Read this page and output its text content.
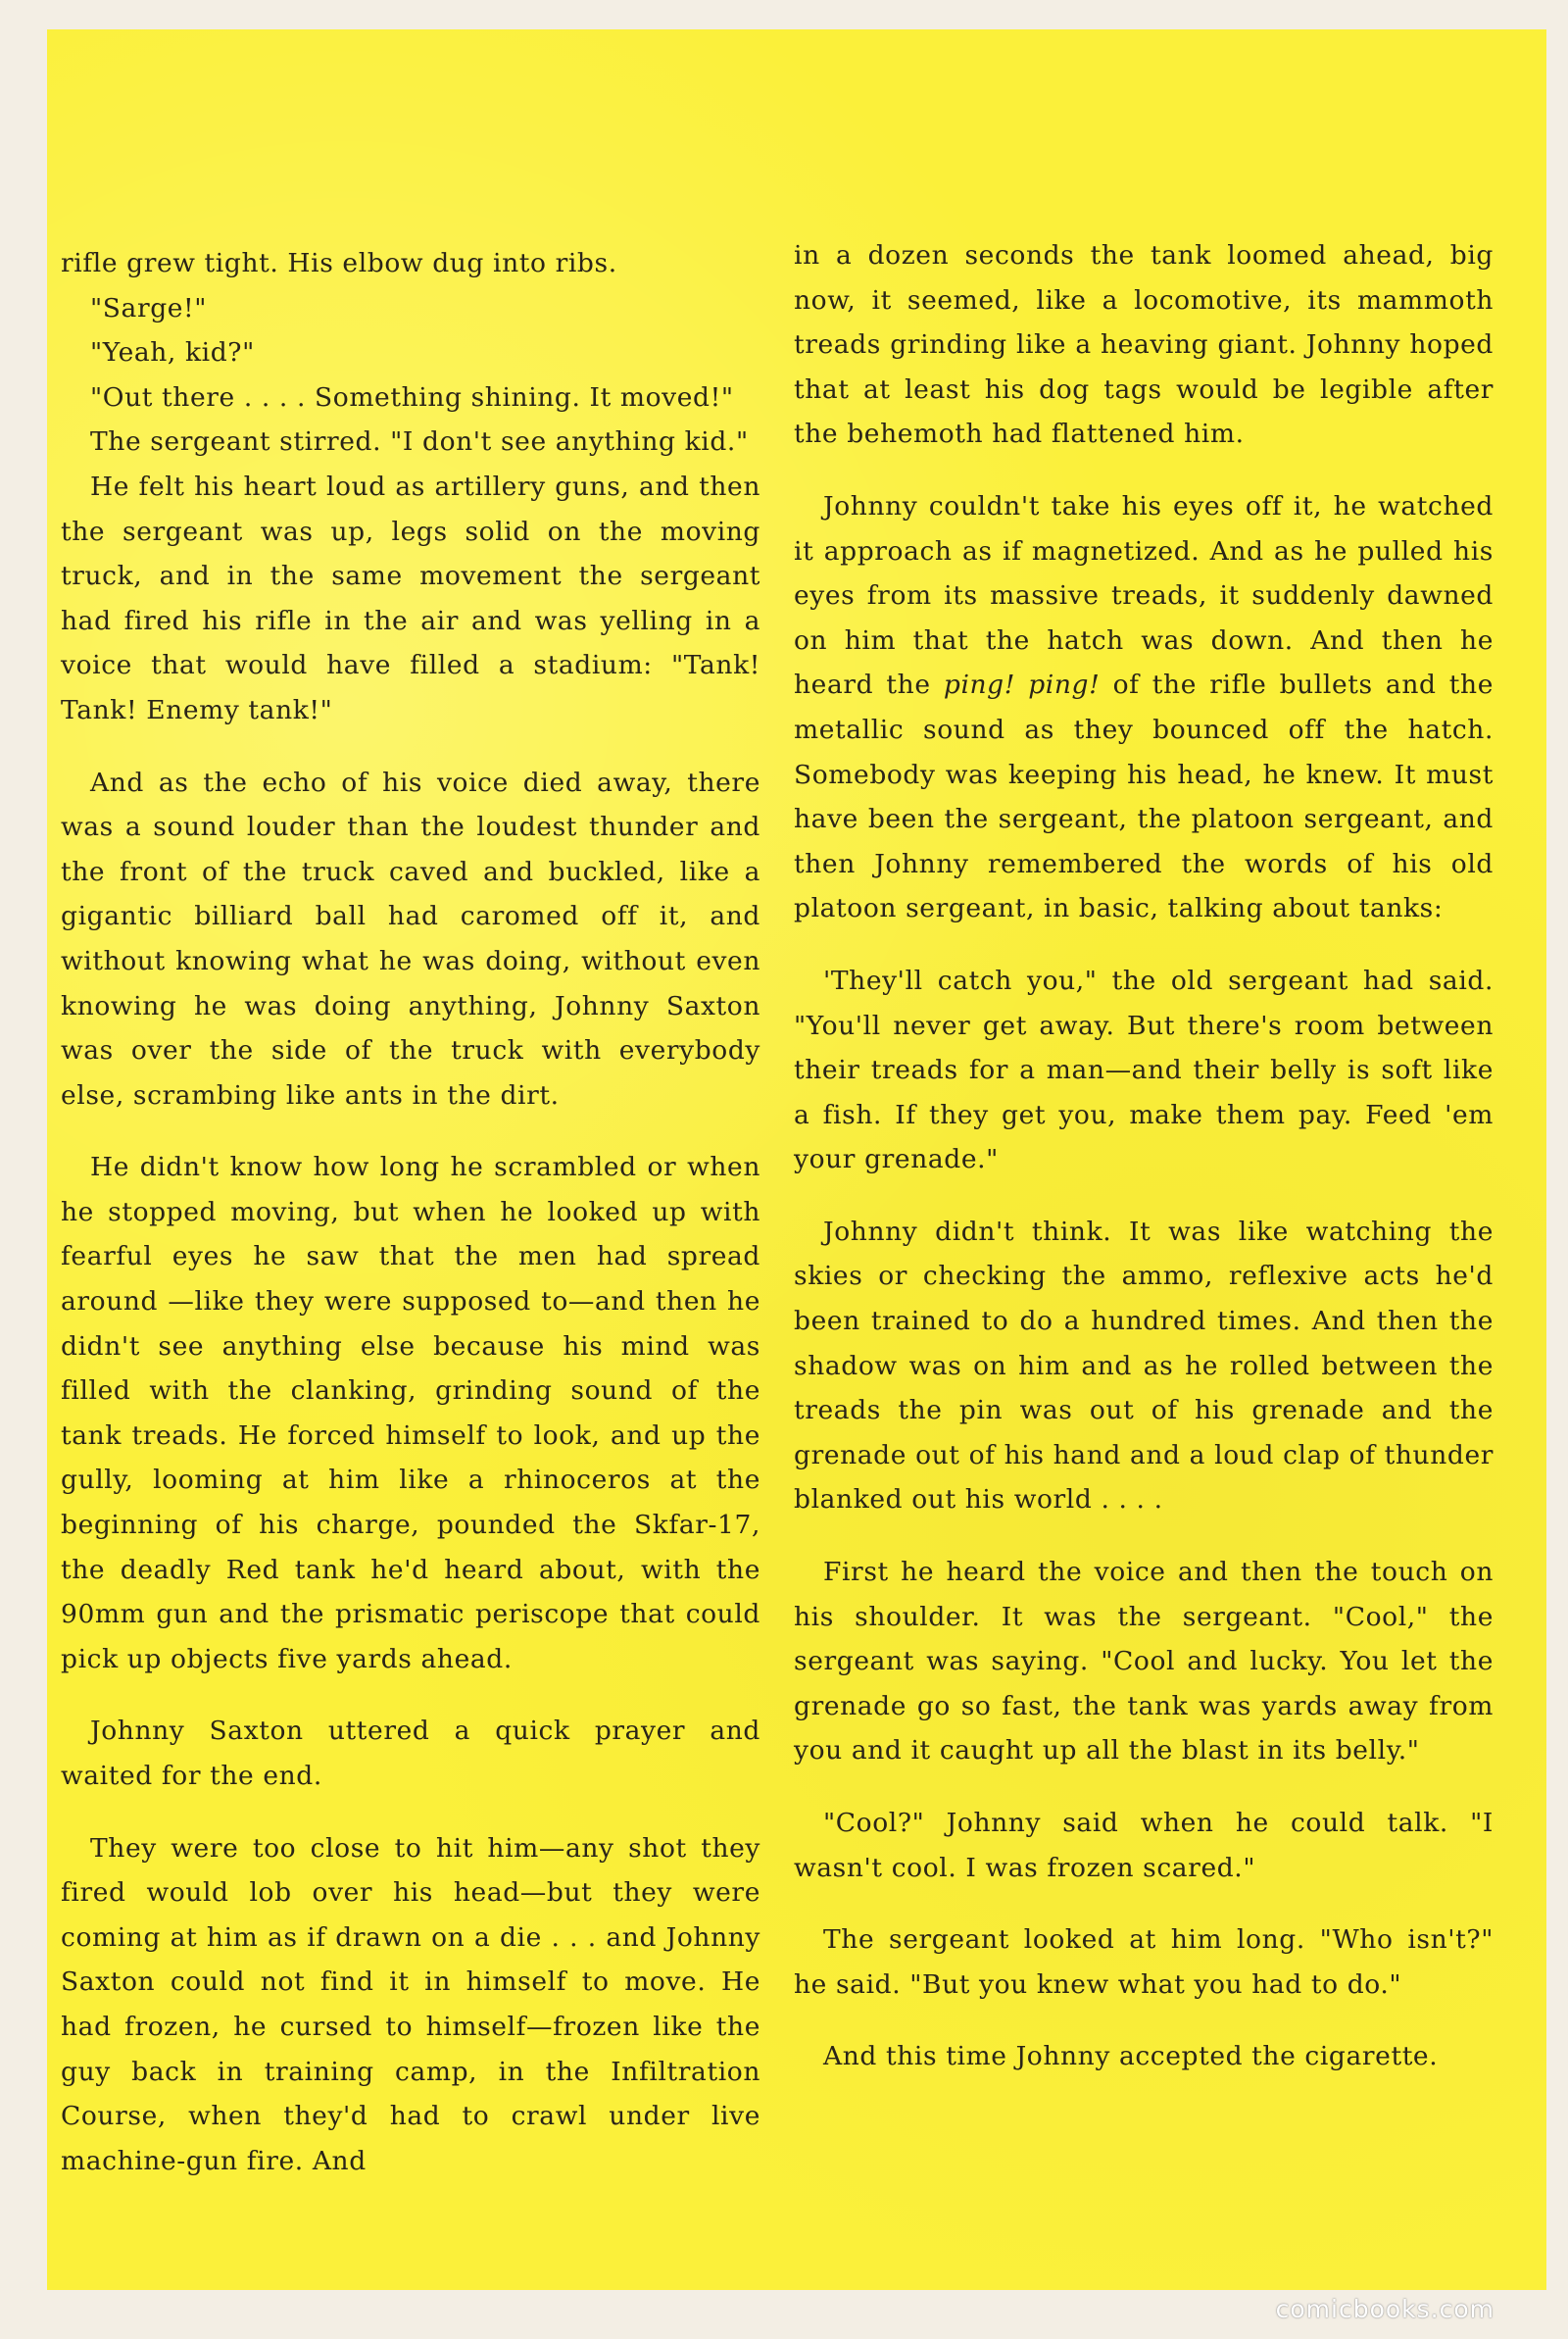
rifle grew tight. His elbow dug into ribs.

"Sarge!"

"Yeah, kid?"

"Out there . . . . Something shining. It moved!"

The sergeant stirred. "I don't see anything kid."

He felt his heart loud as artillery guns, and then the sergeant was up, legs solid on the moving truck, and in the same movement the sergeant had fired his rifle in the air and was yelling in a voice that would have filled a stadium: "Tank! Tank! Enemy tank!"

And as the echo of his voice died away, there was a sound louder than the loudest thunder and the front of the truck caved and buckled, like a gigantic billiard ball had caromed off it, and without knowing what he was doing, without even knowing he was doing anything, Johnny Saxton was over the side of the truck with everybody else, scrambing like ants in the dirt.

He didn't know how long he scrambled or when he stopped moving, but when he looked up with fearful eyes he saw that the men had spread around —like they were supposed to—and then he didn't see anything else because his mind was filled with the clanking, grinding sound of the tank treads. He forced himself to look, and up the gully, looming at him like a rhinoceros at the beginning of his charge, pounded the Skfar-17, the deadly Red tank he'd heard about, with the 90mm gun and the prismatic periscope that could pick up objects five yards ahead.

Johnny Saxton uttered a quick prayer and waited for the end.

They were too close to hit him—any shot they fired would lob over his head—but they were coming at him as if drawn on a die . . . and Johnny Saxton could not find it in himself to move. He had frozen, he cursed to himself—frozen like the guy back in training camp, in the Infiltration Course, when they'd had to crawl under live machine-gun fire. And

in a dozen seconds the tank loomed ahead, big now, it seemed, like a locomotive, its mammoth treads grinding like a heaving giant. Johnny hoped that at least his dog tags would be legible after the behemoth had flattened him.

Johnny couldn't take his eyes off it, he watched it approach as if magnetized. And as he pulled his eyes from its massive treads, it suddenly dawned on him that the hatch was down. And then he heard the ping! ping! of the rifle bullets and the metallic sound as they bounced off the hatch. Somebody was keeping his head, he knew. It must have been the sergeant, the platoon sergeant, and then Johnny remembered the words of his old platoon sergeant, in basic, talking about tanks:

'They'll catch you," the old sergeant had said. "You'll never get away. But there's room between their treads for a man—and their belly is soft like a fish. If they get you, make them pay. Feed 'em your grenade."

Johnny didn't think. It was like watching the skies or checking the ammo, reflexive acts he'd been trained to do a hundred times. And then the shadow was on him and as he rolled between the treads the pin was out of his grenade and the grenade out of his hand and a loud clap of thunder blanked out his world . . . .

First he heard the voice and then the touch on his shoulder. It was the sergeant. "Cool," the sergeant was saying. "Cool and lucky. You let the grenade go so fast, the tank was yards away from you and it caught up all the blast in its belly."

"Cool?" Johnny said when he could talk. "I wasn't cool. I was frozen scared."

The sergeant looked at him long. "Who isn't?" he said. "But you knew what you had to do."

And this time Johnny accepted the cigarette.

comicbooks.com
